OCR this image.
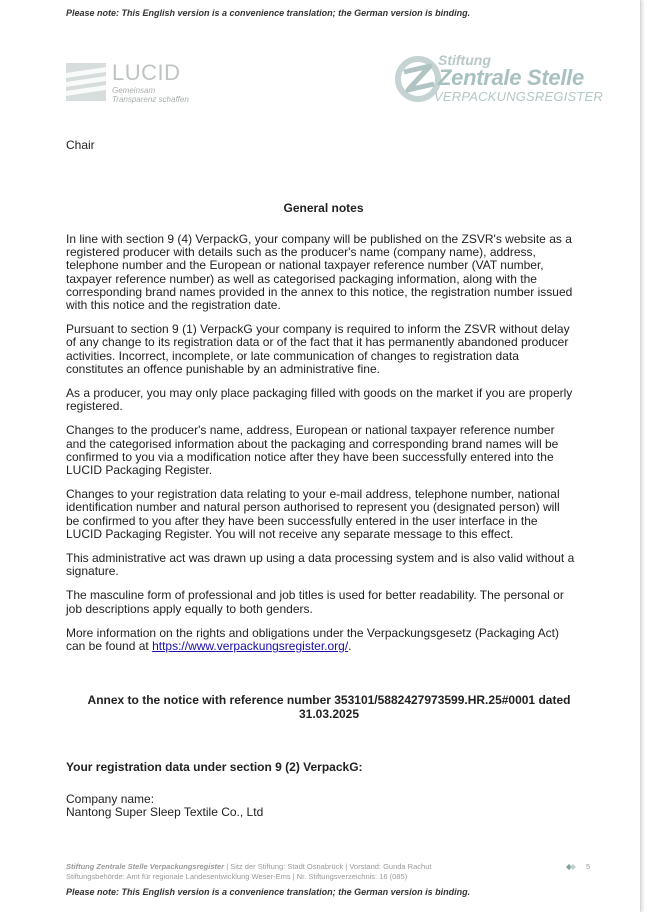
Please note: This English version is a convenience translation; the German version is binding.
LUCID
Gemeinsam
Transparenz schaffen
Stiftung
Zentrale Stelle
VERPACKUNGSREGISTER
Chair
General notes

In line with section 9 (4) VerpackG, your company will be published on the ZSVR's website as a registered producer with details such as the producer's name (company name), address, telephone number and the European or national taxpayer reference number (VAT number, taxpayer reference number) as well as categorised packaging information, along with the corresponding brand names provided in the annex to this notice, the registration number issued with this notice and the registration date.

Pursuant to section 9 (1) VerpackG your company is required to inform the ZSVR without delay of any change to its registration data or of the fact that it has permanently abandoned producer activities. Incorrect, incomplete, or late communication of changes to registration data constitutes an offence punishable by an administrative fine.

As a producer, you may only place packaging filled with goods on the market if you are properly registered.

Changes to the producer's name, address, European or national taxpayer reference number and the categorised information about the packaging and corresponding brand names will be confirmed to you via a modification notice after they have been successfully entered into the LUCID Packaging Register.

Changes to your registration data relating to your e-mail address, telephone number, national identification number and natural person authorised to represent you (designated person) will be confirmed to you after they have been successfully entered in the user interface in the LUCID Packaging Register. You will not receive any separate message to this effect.

This administrative act was drawn up using a data processing system and is also valid without a signature.

The masculine form of professional and job titles is used for better readability. The personal or job descriptions apply equally to both genders.

More information on the rights and obligations under the Verpackungsgesetz (Packaging Act) can be found at https://www.verpackungsregister.org/.

Annex to the notice with reference number 353101/5882427973599.HR.25#0001 dated
31.03.2025
Your registration data under section 9 (2) VerpackG:
Company name:
Nantong Super Sleep Textile Co., Ltd
Stiftung Zentrale Stelle Verpackungsregister | Sitz der Stiftung: Stadt Osnabrück | Vorstand: Gunda Rachut
Stiftungsbehörde: Amt für regionale Landesentwicklung Weser-Ems | Nr. Stiftungsverzeichnis: 16 (085)
5
Please note: This English version is a convenience translation; the German version is binding.
